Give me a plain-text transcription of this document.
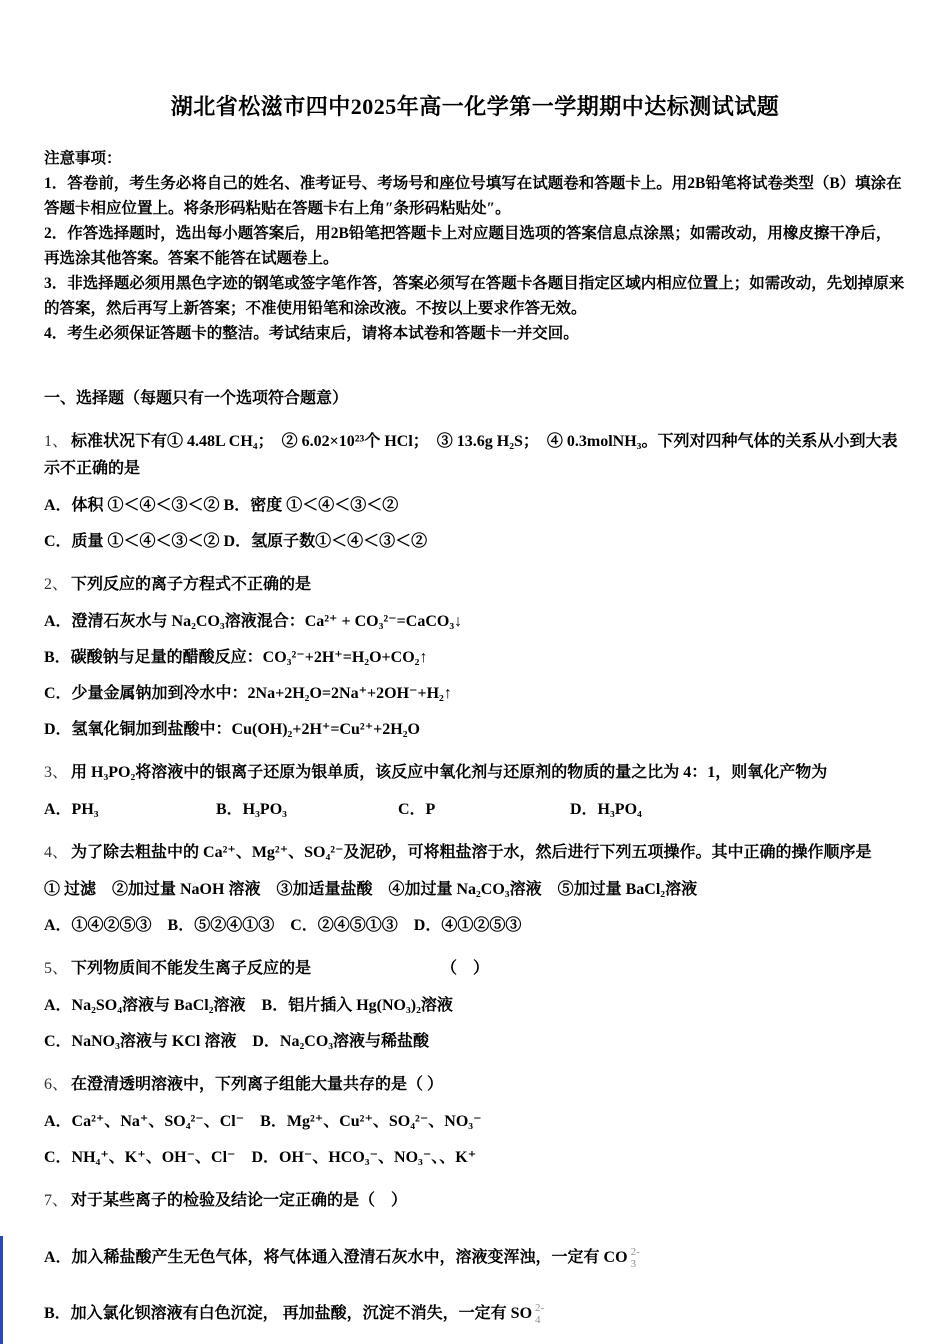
湖北省松滋市四中2025年高一化学第一学期期中达标测试试题

注意事项：

1．答卷前，考生务必将自己的姓名、准考证号、考场号和座位号填写在试题卷和答题卡上。用2B铅笔将试卷类型（B）填涂在答题卡相应位置上。将条形码粘贴在答题卡右上角″条形码粘贴处″。

2．作答选择题时，选出每小题答案后，用2B铅笔把答题卡上对应题目选项的答案信息点涂黑；如需改动，用橡皮擦干净后，再选涂其他答案。答案不能答在试题卷上。

3．非选择题必须用黑色字迹的钢笔或签字笔作答，答案必须写在答题卡各题目指定区域内相应位置上；如需改动，先划掉原来的答案，然后再写上新答案；不准使用铅笔和涂改液。不按以上要求作答无效。

4．考生必须保证答题卡的整洁。考试结束后，请将本试卷和答题卡一并交回。

一、选择题（每题只有一个选项符合题意）

1、 标准状况下有① 4.48L CH₄；　② 6.02×10²³个 HCl；　③ 13.6g H₂S；　④ 0.3molNH₃。下列对四种气体的关系从小到大表示不正确的是

A．体积 ①＜④＜③＜② B．密度 ①＜④＜③＜②

C．质量 ①＜④＜③＜② D．氢原子数①＜④＜③＜②

2、 下列反应的离子方程式不正确的是

A．澄清石灰水与 Na₂CO₃溶液混合：Ca²⁺ + CO₃²⁻=CaCO₃↓

B．碳酸钠与足量的醋酸反应：CO₃²⁻+2H⁺=H₂O+CO₂↑

C．少量金属钠加到冷水中：2Na+2H₂O=2Na⁺+2OH⁻+H₂↑

D．氢氧化铜加到盐酸中：Cu(OH)₂+2H⁺=Cu²⁺+2H₂O

3、 用 H₃PO₂将溶液中的银离子还原为银单质，该反应中氧化剂与还原剂的物质的量之比为 4：1，则氧化产物为

A．PH₃	B．H₃PO₃	C．P	D．H₃PO₄

4、 为了除去粗盐中的 Ca²⁺、Mg²⁺、SO₄²⁻及泥砂，可将粗盐溶于水，然后进行下列五项操作。其中正确的操作顺序是

① 过滤　②加过量 NaOH 溶液　③加适量盐酸　④加过量 Na₂CO₃溶液　⑤加过量 BaCl₂溶液

A．①④②⑤③　B．⑤②④①③　C．②④⑤①③　D．④①②⑤③

5、 下列物质间不能发生离子反应的是	（　）

A．Na₂SO₄溶液与 BaCl₂溶液　B．铝片插入 Hg(NO₃)₂溶液

C．NaNO₃溶液与 KCl 溶液　D．Na₂CO₃溶液与稀盐酸

6、 在澄清透明溶液中，下列离子组能大量共存的是（ ）

A．Ca²⁺、Na⁺、SO₄²⁻、Cl⁻　B．Mg²⁺、Cu²⁺、SO₄²⁻、NO₃⁻

C．NH₄⁺、K⁺、OH⁻、Cl⁻　D．OH⁻、HCO₃⁻、NO₃⁻、、K⁺

7、 对于某些离子的检验及结论一定正确的是（　）

A．加入稀盐酸产生无色气体，将气体通入澄清石灰水中，溶液变浑浊，一定有 CO 2-
3

B．加入氯化钡溶液有白色沉淀， 再加盐酸，沉淀不消失，一定有 SO 2-
4
